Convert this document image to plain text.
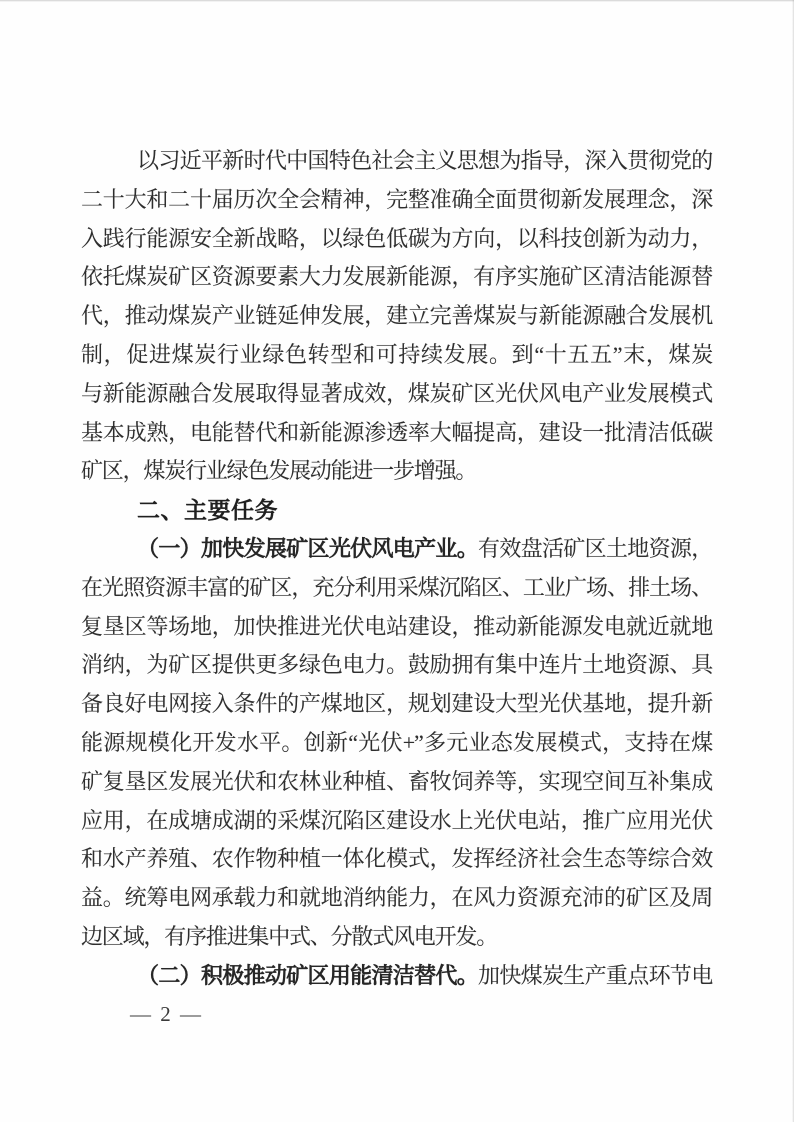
以习近平新时代中国特色社会主义思想为指导，深入贯彻党的
二十大和二十届历次全会精神，完整准确全面贯彻新发展理念，深
入践行能源安全新战略，以绿色低碳为方向，以科技创新为动力，
依托煤炭矿区资源要素大力发展新能源，有序实施矿区清洁能源替
代，推动煤炭产业链延伸发展，建立完善煤炭与新能源融合发展机
制，促进煤炭行业绿色转型和可持续发展。到“十五五”末，煤炭
与新能源融合发展取得显著成效，煤炭矿区光伏风电产业发展模式
基本成熟，电能替代和新能源渗透率大幅提高，建设一批清洁低碳
矿区，煤炭行业绿色发展动能进一步增强。
二、主要任务
（一）加快发展矿区光伏风电产业。有效盘活矿区土地资源，
在光照资源丰富的矿区，充分利用采煤沉陷区、工业广场、排土场、
复垦区等场地，加快推进光伏电站建设，推动新能源发电就近就地
消纳，为矿区提供更多绿色电力。鼓励拥有集中连片土地资源、具
备良好电网接入条件的产煤地区，规划建设大型光伏基地，提升新
能源规模化开发水平。创新“光伏+”多元业态发展模式，支持在煤
矿复垦区发展光伏和农林业种植、畜牧饲养等，实现空间互补集成
应用，在成塘成湖的采煤沉陷区建设水上光伏电站，推广应用光伏
和水产养殖、农作物种植一体化模式，发挥经济社会生态等综合效
益。统筹电网承载力和就地消纳能力，在风力资源充沛的矿区及周
边区域，有序推进集中式、分散式风电开发。
（二）积极推动矿区用能清洁替代。加快煤炭生产重点环节电
— 2 —
